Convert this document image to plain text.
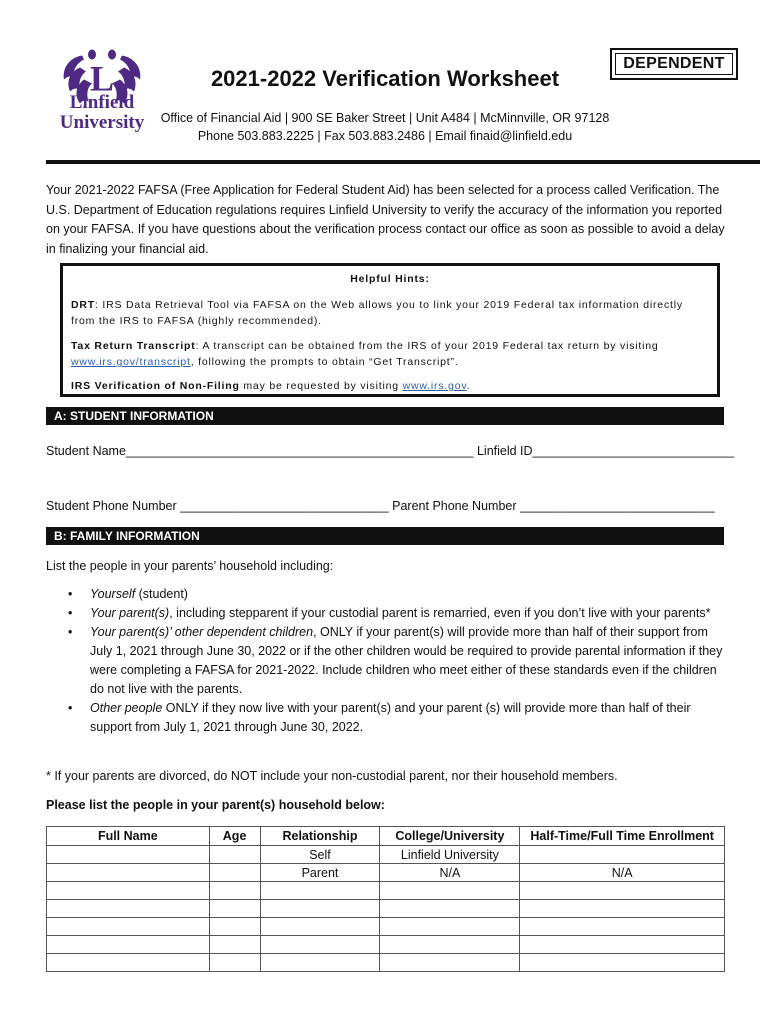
L
Linfield
University
DEPENDENT
2021-2022 Verification Worksheet
Office of Financial Aid | 900 SE Baker Street | Unit A484 | McMinnville, OR 97128
Phone 503.883.2225 | Fax 503.883.2486 | Email finaid@linfield.edu
Your 2021-2022 FAFSA (Free Application for Federal Student Aid) has been selected for a process called Verification. The U.S. Department of Education regulations requires Linfield University to verify the accuracy of the information you reported on your FAFSA. If you have questions about the verification process contact our office as soon as possible to avoid a delay in finalizing your financial aid.

Helpful Hints:

DRT: IRS Data Retrieval Tool via FAFSA on the Web allows you to link your 2019 Federal tax information directly from the IRS to FAFSA (highly recommended).

Tax Return Transcript: A transcript can be obtained from the IRS of your 2019 Federal tax return by visiting www.irs.gov/transcript, following the prompts to obtain “Get Transcript”.

IRS Verification of Non-Filing may be requested by visiting www.irs.gov.

A: STUDENT INFORMATION
Student Name__________________________________________________ Linfield ID_____________________________
Student Phone Number ______________________________ Parent Phone Number ____________________________
B: FAMILY INFORMATION
List the people in your parents’ household including:
• Yourself (student)
• Your parent(s), including stepparent if your custodial parent is remarried, even if you don’t live with your parents*
• Your parent(s)’ other dependent children, ONLY if your parent(s) will provide more than half of their support from July 1, 2021 through June 30, 2022 or if the other children would be required to provide parental information if they were completing a FAFSA for 2021-2022. Include children who meet either of these standards even if the children do not live with the parents.
• Other people ONLY if they now live with your parent(s) and your parent (s) will provide more than half of their support from July 1, 2021 through June 30, 2022.
* If your parents are divorced, do NOT include your non-custodial parent, nor their household members.
Please list the people in your parent(s) household below:
Full Name	Age	Relationship	College/University	Half-Time/Full Time Enrollment
		Self	Linfield University	
		Parent	N/A	N/A
